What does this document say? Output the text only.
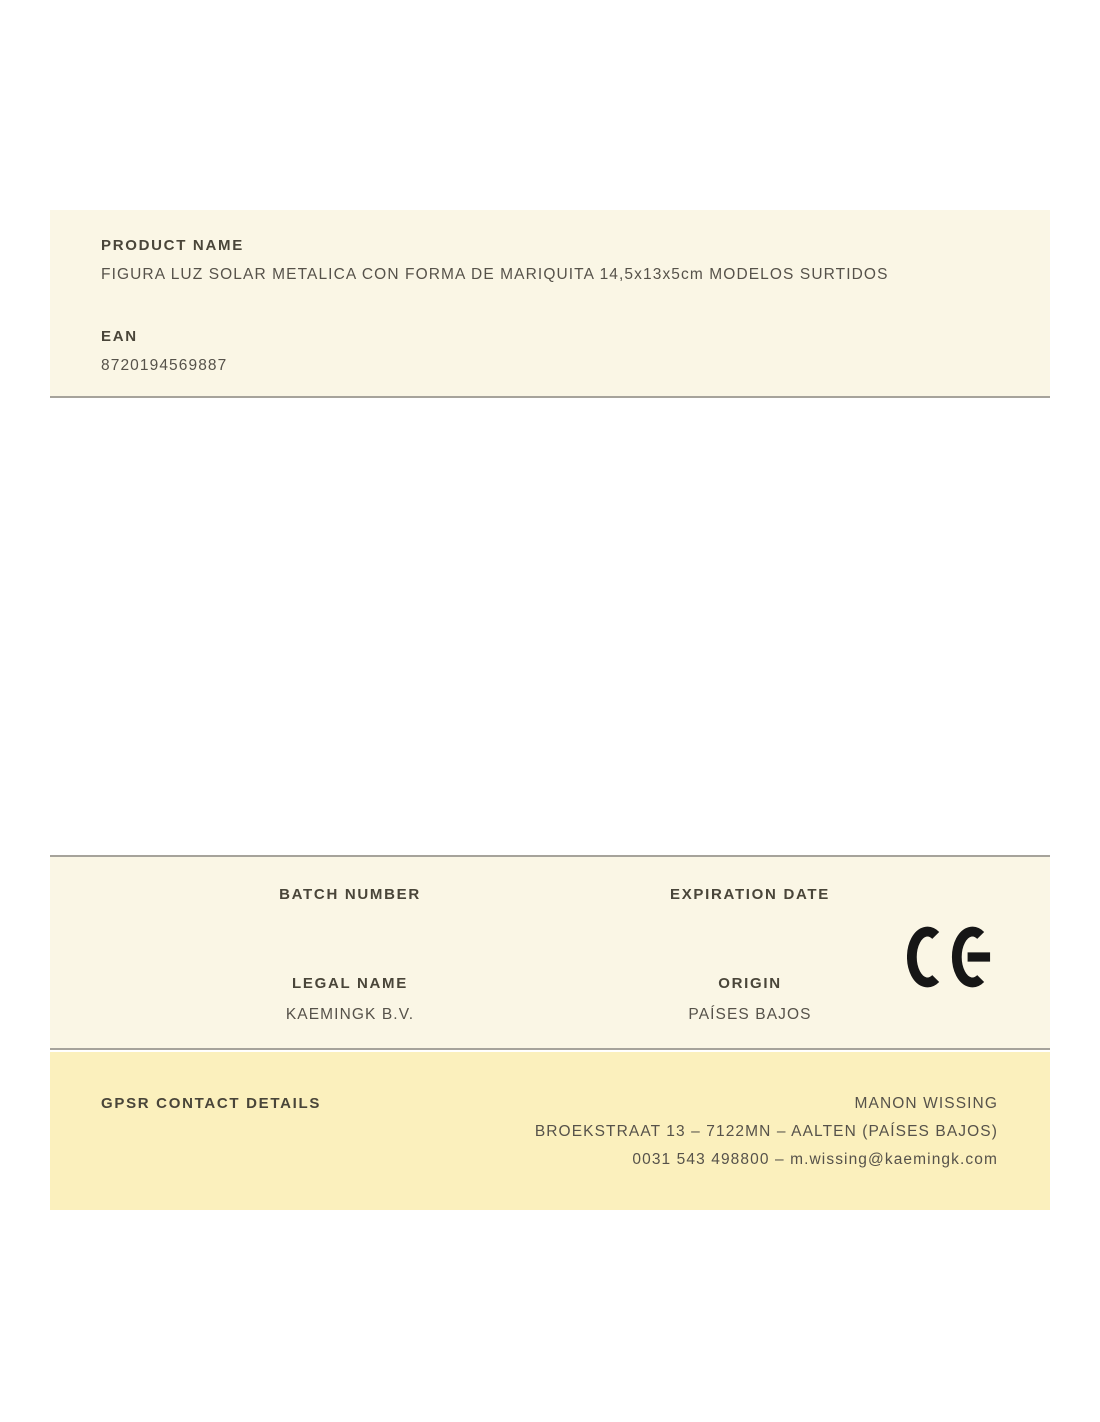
PRODUCT NAME
FIGURA LUZ SOLAR METALICA CON FORMA DE MARIQUITA 14,5x13x5cm MODELOS SURTIDOS
EAN
8720194569887
BATCH NUMBER
LEGAL NAME
KAEMINGK B.V.
EXPIRATION DATE
ORIGIN
PAÍSES BAJOS
GPSR CONTACT DETAILS	MANON WISSING
BROEKSTRAAT 13 – 7122MN – AALTEN (PAÍSES BAJOS)
0031 543 498800 – m.wissing@kaemingk.com
